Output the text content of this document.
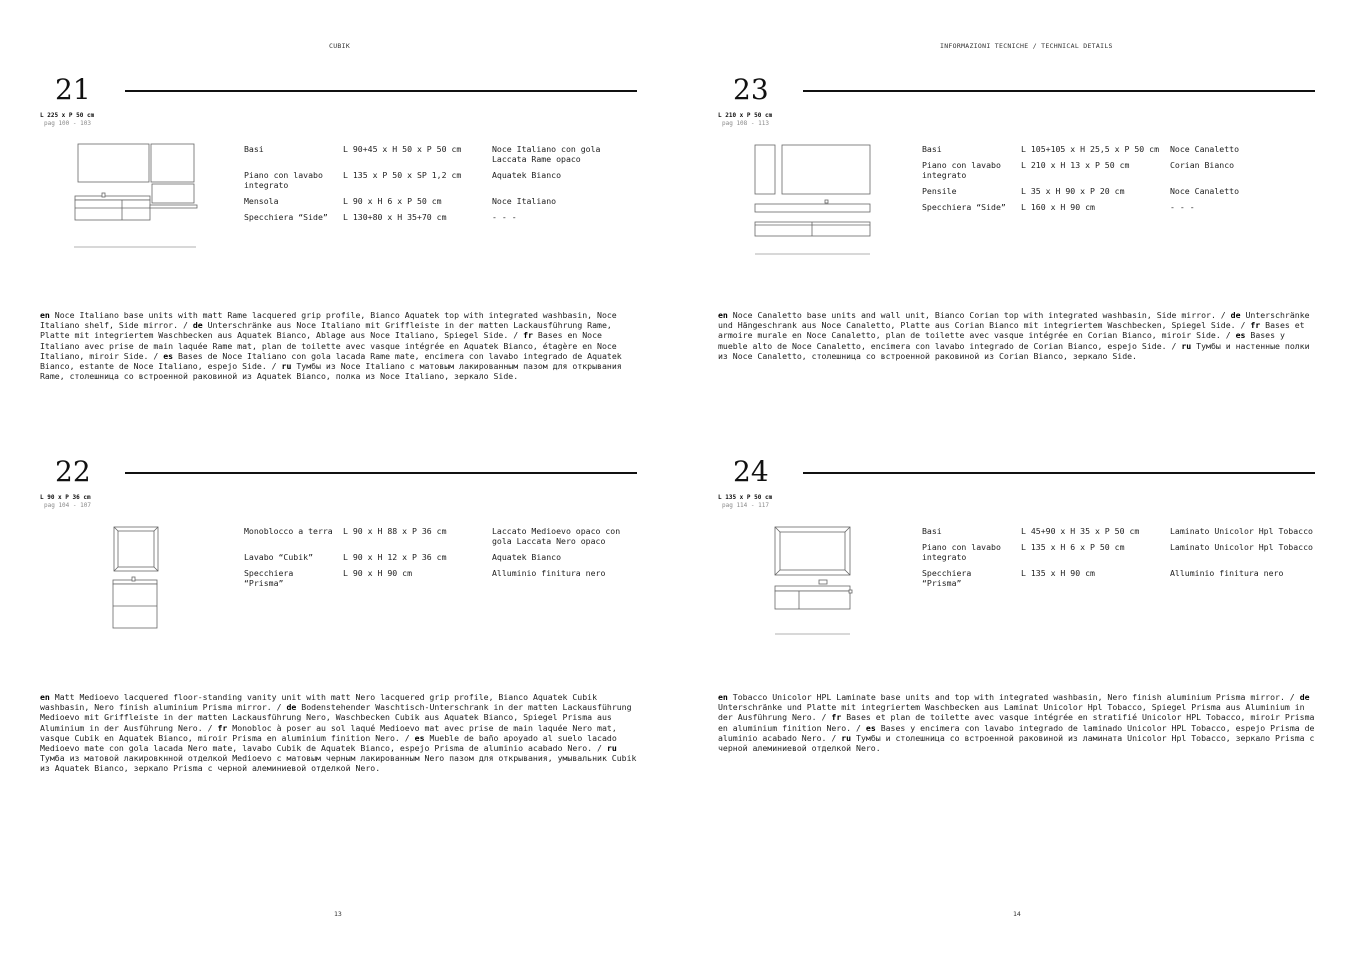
CUBIK
21
L 225 x P 50 cm
pag 100 - 103
Basi	L 90+45 x H 50 x P 50 cm	Noce Italiano con gola Laccata Rame opaco
Piano con lavabo integrato	L 135 x P 50 x SP 1,2 cm	Aquatek Bianco
Mensola	L 90 x H 6 x P 50 cm	Noce Italiano
Specchiera “Side”	L 130+80 x H 35+70 cm	- - -

en Noce Italiano base units with matt Rame lacquered grip profile, Bianco Aquatek top with integrated washbasin, Noce Italiano shelf, Side mirror. / de Unterschränke aus Noce Italiano mit Griffleiste in der matten Lackausführung Rame, Platte mit integriertem Waschbecken aus Aquatek Bianco, Ablage aus Noce Italiano, Spiegel Side. / fr Bases en Noce Italiano avec prise de main laquée Rame mat, plan de toilette avec vasque intégrée en Aquatek Bianco, étagère en Noce Italiano, miroir Side. / es Bases de Noce Italiano con gola lacada Rame mate, encimera con lavabo integrado de Aquatek Bianco, estante de Noce Italiano, espejo Side. / ru Тумбы из Noce Italiano с матовым лакированным пазом для открывания Rame, столешница со встроенной раковиной из Aquatek Bianco, полка из Noce Italiano, зеркало Side.

22
L 90 x P 36 cm
pag 104 - 107
Monoblocco a terra	L 90 x H 88 x P 36 cm	Laccato Medioevo opaco con gola Laccata Nero opaco
Lavabo “Cubik”	L 90 x H 12 x P 36 cm	Aquatek Bianco
Specchiera “Prisma”	L 90 x H 90 cm	Alluminio finitura nero

en Matt Medioevo lacquered floor-standing vanity unit with matt Nero lacquered grip profile, Bianco Aquatek Cubik washbasin, Nero finish aluminium Prisma mirror. / de Bodenstehender Waschtisch-Unterschrank in der matten Lackausführung Medioevo mit Griffleiste in der matten Lackausführung Nero, Waschbecken Cubik aus Aquatek Bianco, Spiegel Prisma aus Aluminium in der Ausführung Nero. / fr Monobloc à poser au sol laqué Medioevo mat avec prise de main laquée Nero mat, vasque Cubik en Aquatek Bianco, miroir Prisma en aluminium finition Nero. / es Mueble de baño apoyado al suelo lacado Medioevo mate con gola lacada Nero mate, lavabo Cubik de Aquatek Bianco, espejo Prisma de aluminio acabado Nero. / ru Тумба из матовой лакировкнной отделкой Medioevo с матовым черным лакированным Nero пазом для открывания, умывальник Cubik из Aquatek Bianco, зеркало Prisma с черной алеминиевой отделкой Nero.

13
INFORMAZIONI TECNICHE / TECHNICAL DETAILS
23
L 210 x P 50 cm
pag 108 - 113
Basi	L 105+105 x H 25,5 x P 50 cm	Noce Canaletto
Piano con lavabo integrato	L 210 x H 13 x P 50 cm	Corian Bianco
Pensile	L 35 x H 90 x P 20 cm	Noce Canaletto
Specchiera “Side”	L 160 x H 90 cm	- - -

en Noce Canaletto base units and wall unit, Bianco Corian top with integrated washbasin, Side mirror. / de Unterschränke und Hängeschrank aus Noce Canaletto, Platte aus Corian Bianco mit integriertem Waschbecken, Spiegel Side. / fr Bases et armoire murale en Noce Canaletto, plan de toilette avec vasque intégrée en Corian Bianco, miroir Side. / es Bases y mueble alto de Noce Canaletto, encimera con lavabo integrado de Corian Bianco, espejo Side. / ru Тумбы и настенные полки из Noce Canaletto, столешница со встроенной раковиной из Corian Bianco, зеркало Side.

24
L 135 x P 50 cm
pag 114 - 117
Basi	L 45+90 x H 35 x P 50 cm	Laminato Unicolor Hpl Tobacco
Piano con lavabo integrato	L 135 x H 6 x P 50 cm	Laminato Unicolor Hpl Tobacco
Specchiera “Prisma”	L 135 x H 90 cm	Alluminio finitura nero

en Tobacco Unicolor HPL Laminate base units and top with integrated washbasin, Nero finish aluminium Prisma mirror. / de Unterschränke und Platte mit integriertem Waschbecken aus Laminat Unicolor Hpl Tobacco, Spiegel Prisma aus Aluminium in der Ausführung Nero. / fr Bases et plan de toilette avec vasque intégrée en stratifié Unicolor HPL Tobacco, miroir Prisma en aluminium finition Nero. / es Bases y encimera con lavabo integrado de laminado Unicolor HPL Tobacco, espejo Prisma de aluminio acabado Nero. / ru Тумбы и столешница со встроенной раковиной из ламината Unicolor Hpl Tobacco, зеркало Prisma с черной алеминиевой отделкой Nero.

14
